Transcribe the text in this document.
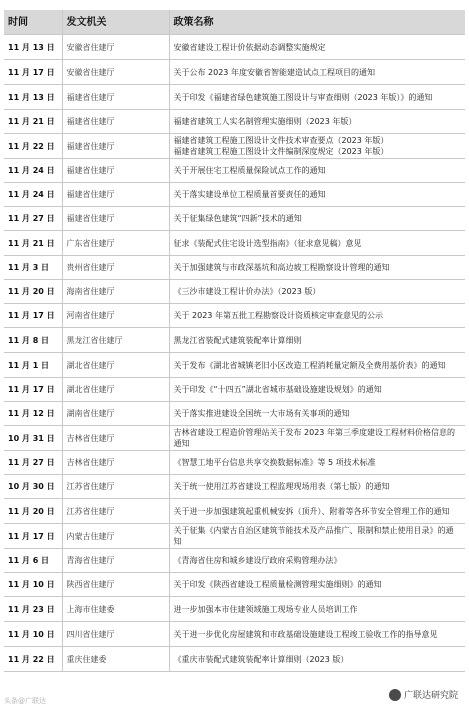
时间	发文机关	政策名称
11 月 13 日	安徽省住建厅	安徽省建设工程计价依据动态调整实施规定
11 月 17 日	安徽省住建厅	关于公布 2023 年度安徽省智能建造试点工程项目的通知
11 月 13 日	福建省住建厅	关于印发《福建省绿色建筑施工图设计与审查细则（2023 年版）》的通知
11 月 21 日	福建省住建厅	福建省建筑工人实名制管理实施细则（2023 年版）
11 月 22 日	福建省住建厅	福建省建筑工程施工图设计文件技术审查要点（2023 年版）
福建省建筑工程施工图设计文件编制深度规定（2023 年版）
11 月 24 日	福建省住建厅	关于开展住宅工程质量保险试点工作的通知
11 月 24 日	福建省住建厅	关于落实建设单位工程质量首要责任的通知
11 月 27 日	福建省住建厅	关于征集绿色建筑“四新”技术的通知
11 月 21 日	广东省住建厅	征求《装配式住宅设计选型指南》（征求意见稿）意见
11 月 3 日	贵州省住建厅	关于加强建筑与市政深基坑和高边坡工程勘察设计管理的通知
11 月 20 日	海南省住建厅	《三沙市建设工程计价办法》（2023 版）
11 月 17 日	河南省住建厅	关于 2023 年第五批工程勘察设计资质核定审查意见的公示
11 月 8 日	黑龙江省住建厅	黑龙江省装配式建筑装配率计算细则
11 月 1 日	湖北省住建厅	关于发布《湖北省城镇老旧小区改造工程消耗量定额及全费用基价表》的通知
11 月 17 日	湖北省住建厅	关于印发《“十四五”湖北省城市基础设施建设规划》的通知
11 月 12 日	湖南省住建厅	关于落实推进建设全国统一大市场有关事项的通知
10 月 31 日	吉林省住建厅	吉林省建设工程造价管理站关于发布 2023 年第三季度建设工程材料价格信息的通知
11 月 27 日	吉林省住建厅	《智慧工地平台信息共享交换数据标准》等 5 项技术标准
10 月 30 日	江苏省住建厅	关于统一使用江苏省建设工程监理现场用表（第七版）的通知
11 月 20 日	江苏省住建厅	关于进一步加强建筑起重机械安拆（顶升）、附着等各环节安全管理工作的通知
11 月 17 日	内蒙古住建厅	关于征集《内蒙古自治区建筑节能技术及产品推广、限制和禁止使用目录》的通知
11 月 6 日	青海省住建厅	《青海省住房和城乡建设厅政府采购管理办法》
11 月 10 日	陕西省住建厅	关于印发《陕西省建设工程质量检测管理实施细则》的通知
11 月 23 日	上海市住建委	进一步加强本市住建领域施工现场专业人员培训工作
11 月 10 日	四川省住建厅	关于进一步优化房屋建筑和市政基础设施建设工程竣工验收工作的指导意见
11 月 22 日	重庆住建委	《重庆市装配式建筑装配率计算细则（2023 版）
头条@广联达	广联达研究院
